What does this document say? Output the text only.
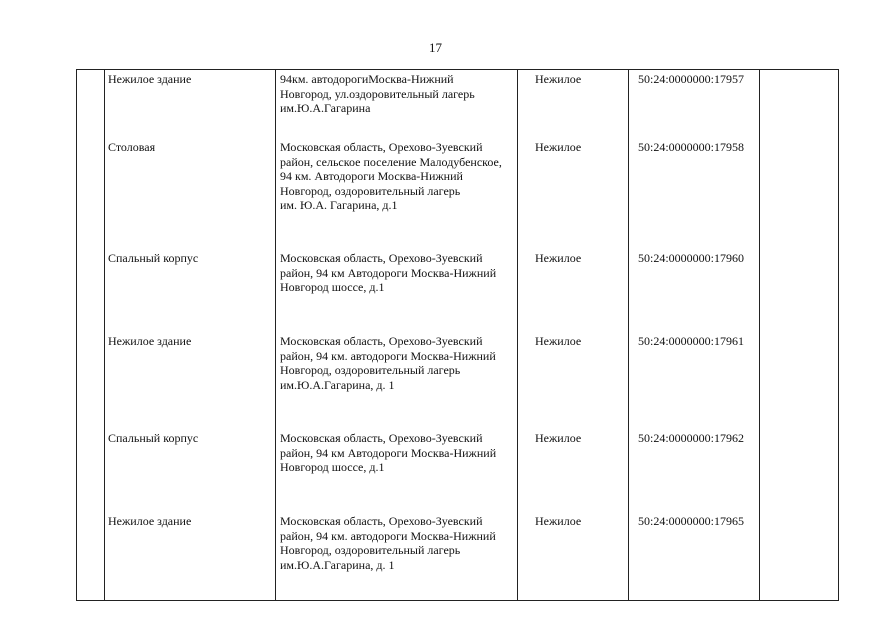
17
Нежилое здание	94км. автодорогиМосква-Нижний
Новгород, ул.оздоровительный лагерь
им.Ю.А.Гагарина
Нежилое	50:24:0000000:17957
Столовая	Московская область, Орехово-Зуевский
район, сельское поселение Малодубенское,
94 км. Автодороги Москва-Нижний
Новгород, оздоровительный лагерь
им. Ю.А. Гагарина, д.1
Нежилое	50:24:0000000:17958
Спальный корпус	Московская область, Орехово-Зуевский
район, 94 км Автодороги Москва-Нижний
Новгород шоссе, д.1
Нежилое	50:24:0000000:17960
Нежилое здание	Московская область, Орехово-Зуевский
район, 94 км. автодороги Москва-Нижний
Новгород, оздоровительный лагерь
им.Ю.А.Гагарина, д. 1
Нежилое	50:24:0000000:17961
Спальный корпус	Московская область, Орехово-Зуевский
район, 94 км Автодороги Москва-Нижний
Новгород шоссе, д.1
Нежилое	50:24:0000000:17962
Нежилое здание	Московская область, Орехово-Зуевский
район, 94 км. автодороги Москва-Нижний
Новгород, оздоровительный лагерь
им.Ю.А.Гагарина, д. 1
Нежилое	50:24:0000000:17965
